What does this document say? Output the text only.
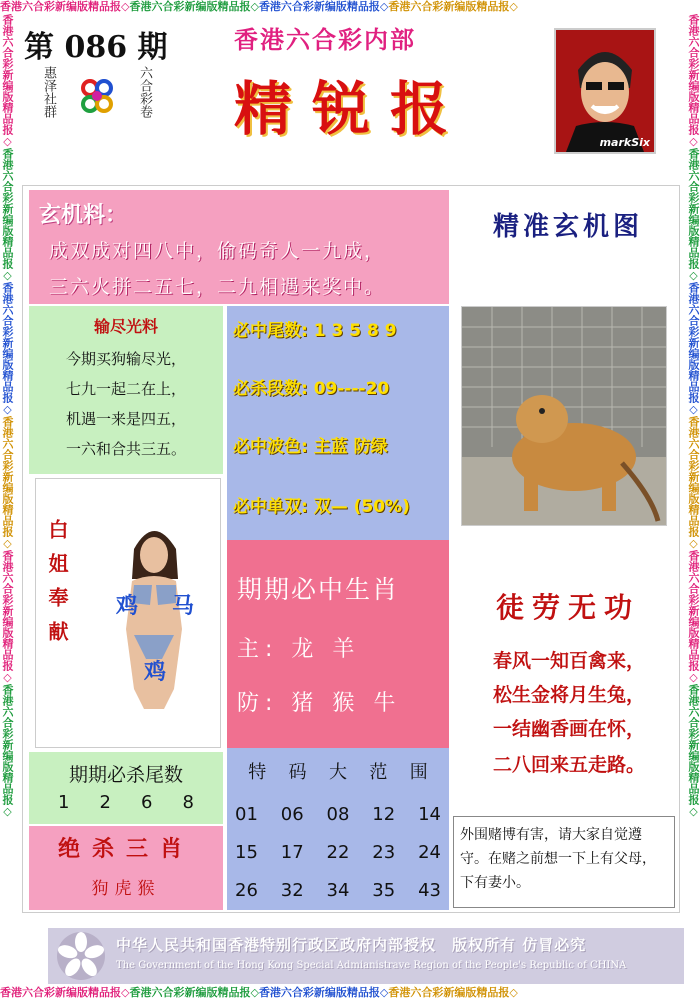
香港六合彩新编版精品报◇香港六合彩新编版精品报◇香港六合彩新编版精品报◇香港六合彩新编版精品报◇
香港六合彩新编版精品报◇香港六合彩新编版精品报◇香港六合彩新编版精品报◇香港六合彩新编版精品报◇
香港六合彩新编版精品报◇香港六合彩新编版精品报◇香港六合彩新编版精品报◇香港六合彩新编版精品报◇香港六合彩新编版精品报◇香港六合彩新编版精品报◇
香港六合彩新编版精品报◇香港六合彩新编版精品报◇香港六合彩新编版精品报◇香港六合彩新编版精品报◇香港六合彩新编版精品报◇香港六合彩新编版精品报◇
第 086 期
惠泽社群	六合彩卷
香港六合彩内部
精锐报	markSix
玄机料：
成双成对四八中，偷码奇人一九成，
三六火拼二五七，二九相遇来奖中。
输尽光料
今期买狗输尽光，
七九一起二在上，
机遇一来是四五，
一六和合共三五。
白姐奉献 鸡 马
鸡
期期必杀尾数
1 2 6 8
绝杀三肖
狗虎猴
必中尾数: 1 3 5 8 9
必杀段数: 09----20
必中波色: 主蓝 防绿
必中单双: 双— (50%)
期期必中生肖
主: 龙 羊
防: 猪 猴 牛
特 码 大 范 围
01 06 08 12 14
15 17 22 23 24
26 32 34 35 43
精准玄机图
徒劳无功
春风一知百禽来，
松生金将月生兔，
一结幽香画在怀，
二八回来五走路。
外围赌博有害，请大家自觉遵守。在赌之前想一下上有父母，下有妻小。
中华人民共和国香港特别行政区政府内部授权　版权所有 仿冒必究
The Government of the Hong Kong Special Admianistrave Region of the People's Republic of CHINA
